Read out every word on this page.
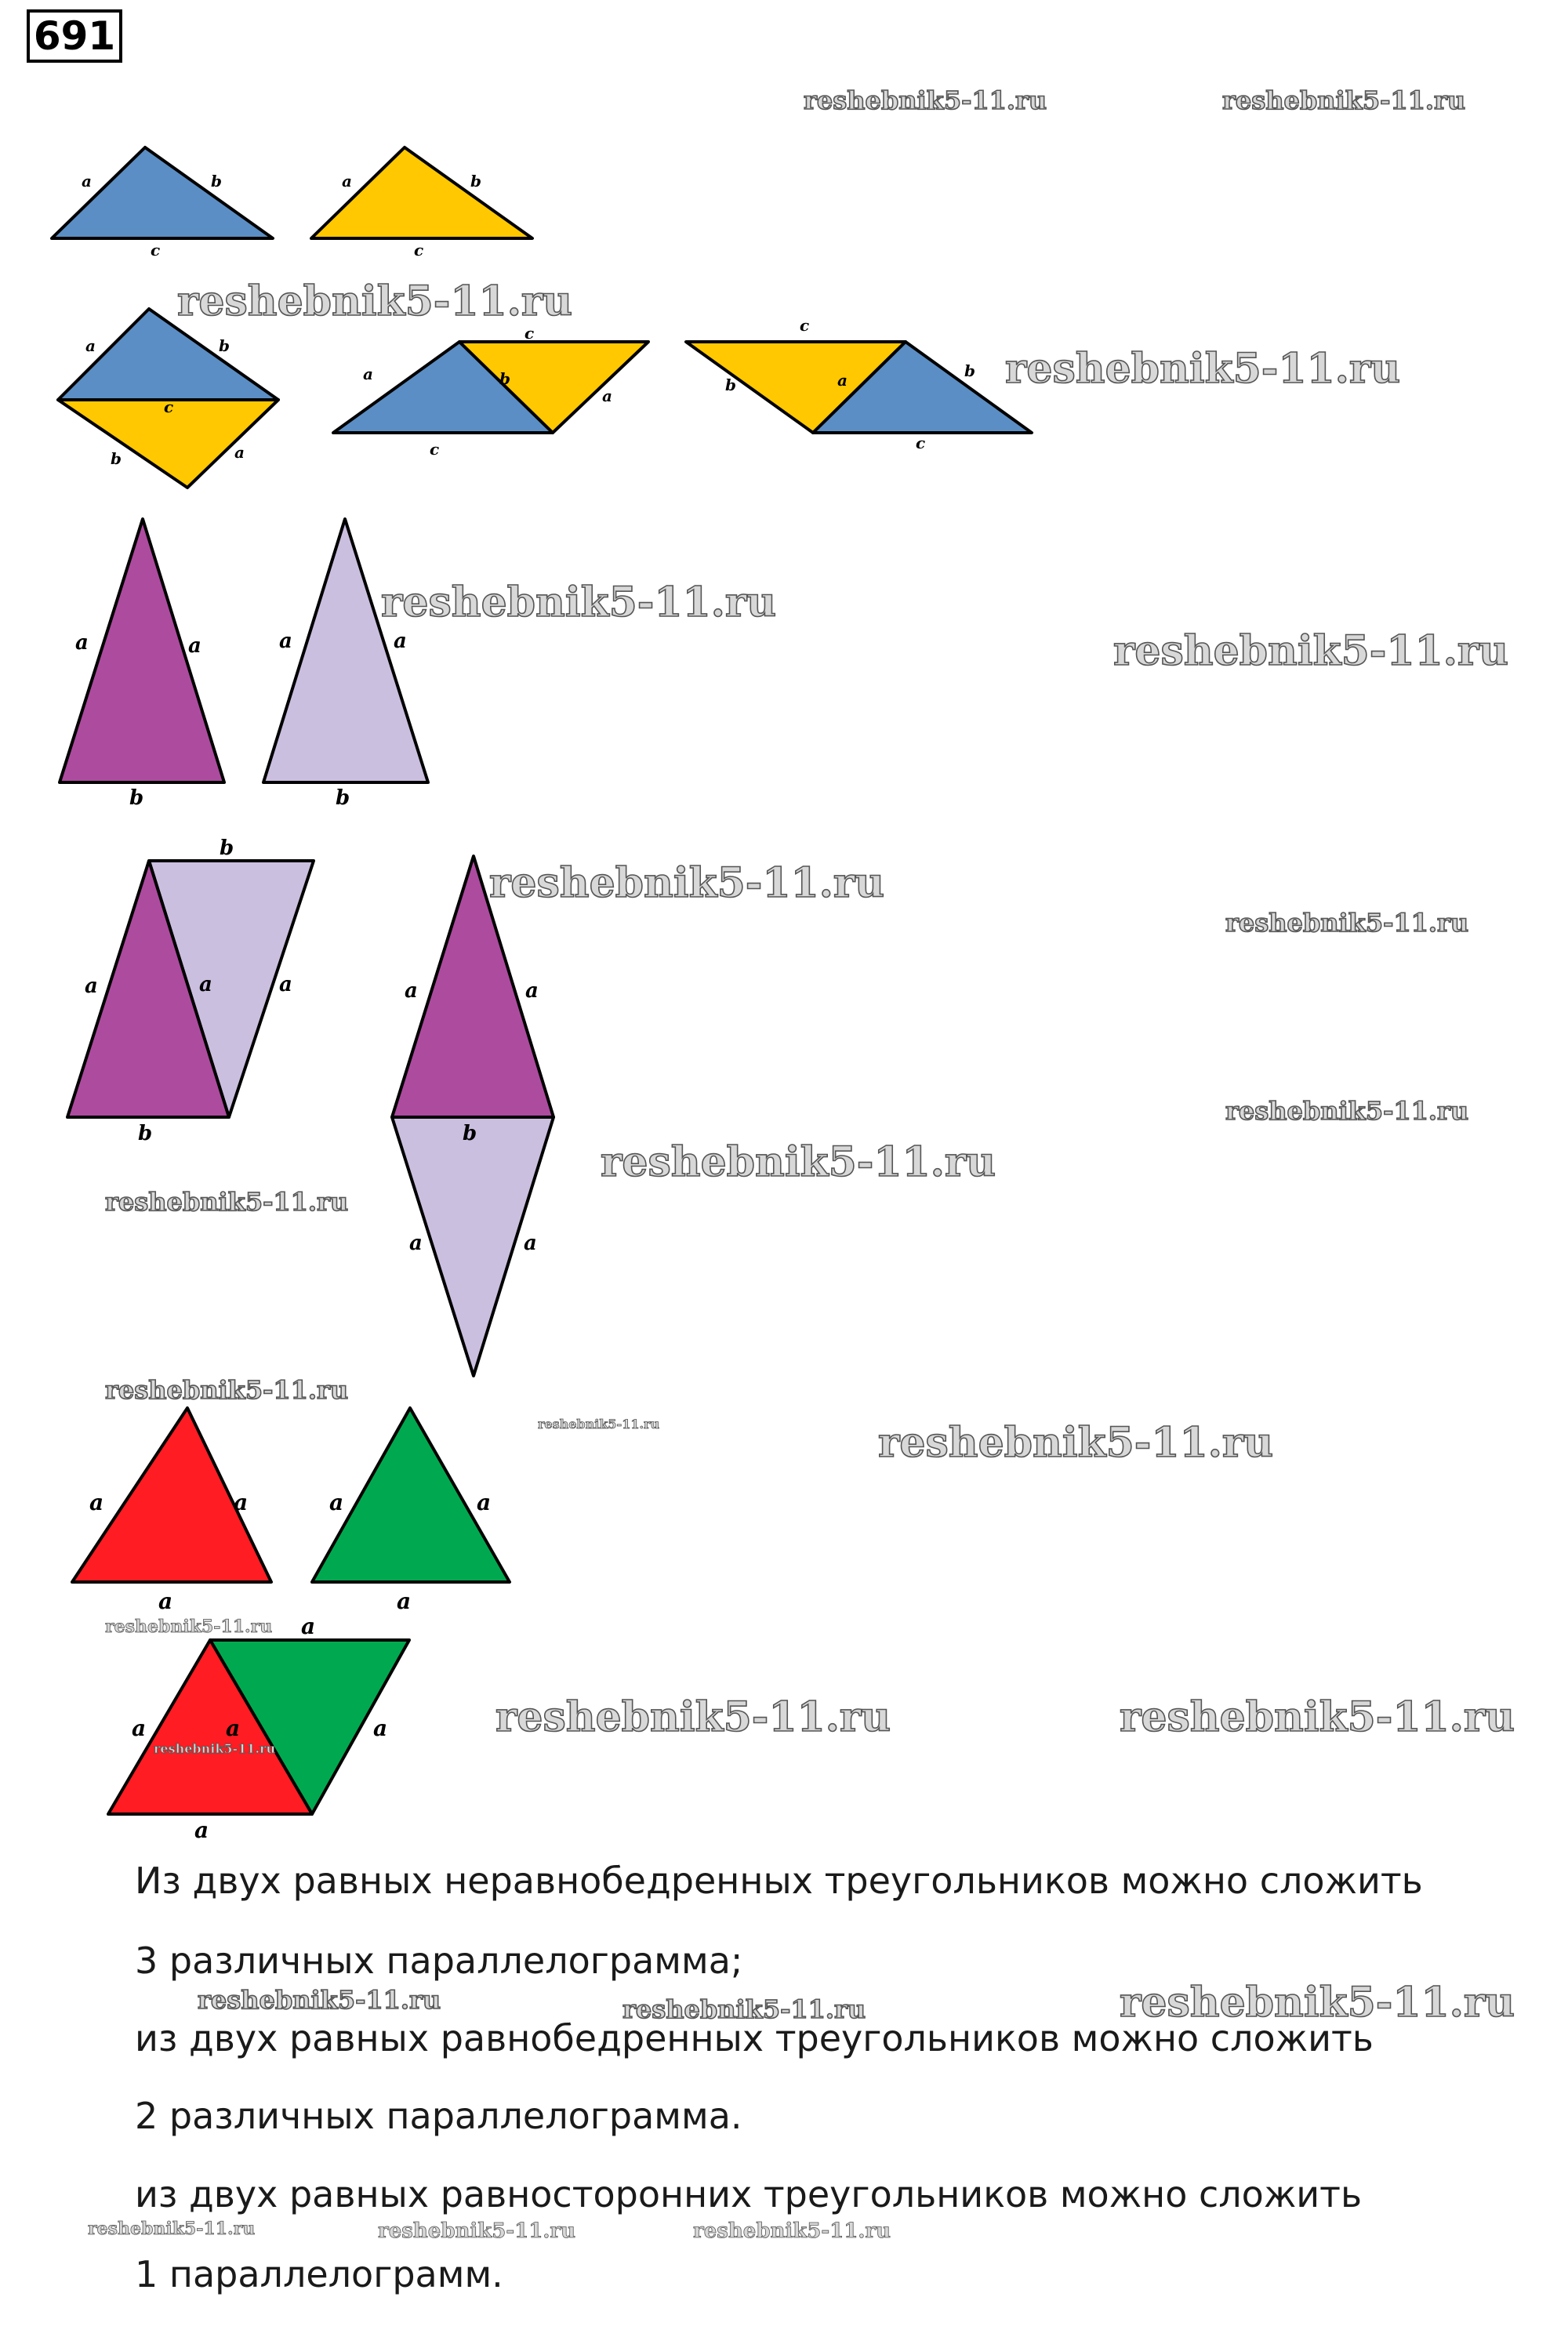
691
a	b
c
a	b
c
a	b
c
b	a
a	b
a
c
c
c
b	a	b
c
a	a
b
a	a
b
b
a	a	a
b
a	a
b
a	a
a	a
a
a	a
a
a
a	a	a
a
reshebnik5-11.ru	reshebnik5-11.ru
reshebnik5-11.ru
reshebnik5-11.ru
reshebnik5-11.ru
reshebnik5-11.ru
reshebnik5-11.ru
reshebnik5-11.ru
reshebnik5-11.ru
reshebnik5-11.ru
reshebnik5-11.ru
reshebnik5-11.ru
reshebnik5-11.ru	reshebnik5-11.ru
reshebnik5-11.ru
reshebnik5-11.ru
reshebnik5-11.ru	reshebnik5-11.ru
reshebnik5-11.ru	reshebnik5-11.ru	reshebnik5-11.ru
reshebnik5-11.ru	reshebnik5-11.ru	reshebnik5-11.ru
Из двух равных неравнобедренных треугольников можно сложить
3 различных параллелограмма;
из двух равных равнобедренных треугольников можно сложить
2 различных параллелограмма.
из двух равных равносторонних треугольников можно сложить
1 параллелограмм.
